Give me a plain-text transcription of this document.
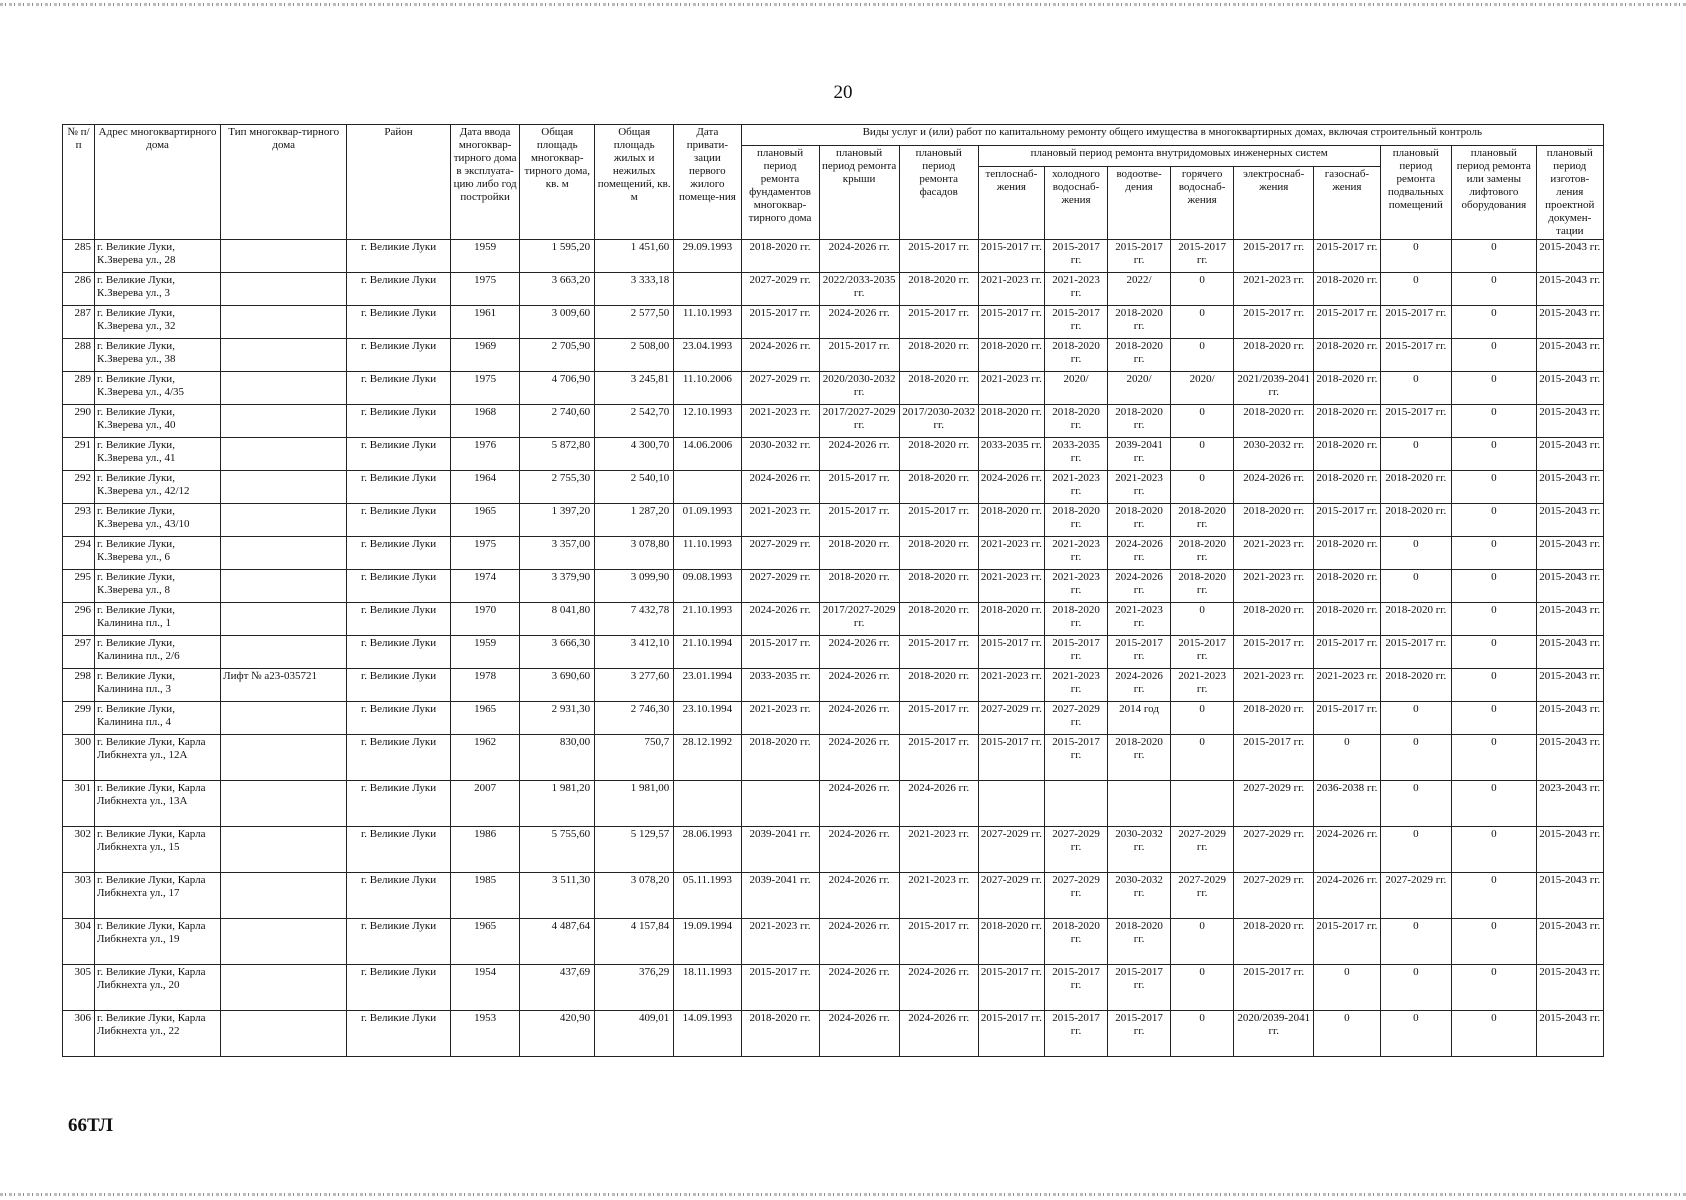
20
№ п/п	Адрес многоквартирного дома	Тип многоквар-тирного дома	Район	Дата ввода многоквар-тирного дома в эксплуата-цию либо год постройки	Общая площадь многоквар-тирного дома, кв. м	Общая площадь жилых и нежилых помещений, кв. м	Дата привати-зации первого жилого помеще-ния	Виды услуг и (или) работ по капитальному ремонту общего имущества в многоквартирных домах, включая строительный контроль											
								плановый период ремонта фундаментов многоквар-тирного дома	плановый период ремонта крыши	плановый период ремонта фасадов	плановый период ремонта внутридомовых инженерных систем						плановый период ремонта подвальных помещений	плановый период ремонта или замены лифтового оборудования	плановый период изготов-ления проектной докумен-тации
											теплоснаб-жения	холодного водоснаб-жения	водоотве-дения	горячего водоснаб-жения	электроснаб-жения	газоснаб-жения			
285	г. Великие Луки, К.Зверева ул., 28		г. Великие Луки	1959	1 595,20	1 451,60	29.09.1993	2018-2020 гг.	2024-2026 гг.	2015-2017 гг.	2015-2017 гг.	2015-2017 гг.	2015-2017 гг.	2015-2017 гг.	2015-2017 гг.	2015-2017 гг.	0	0	2015-2043 гг.
286	г. Великие Луки, К.Зверева ул., 3		г. Великие Луки	1975	3 663,20	3 333,18		2027-2029 гг.	2022/2033-2035 гг.	2018-2020 гг.	2021-2023 гг.	2021-2023 гг.	2022/	0	2021-2023 гг.	2018-2020 гг.	0	0	2015-2043 гг.
287	г. Великие Луки, К.Зверева ул., 32		г. Великие Луки	1961	3 009,60	2 577,50	11.10.1993	2015-2017 гг.	2024-2026 гг.	2015-2017 гг.	2015-2017 гг.	2015-2017 гг.	2018-2020 гг.	0	2015-2017 гг.	2015-2017 гг.	2015-2017 гг.	0	2015-2043 гг.
288	г. Великие Луки, К.Зверева ул., 38		г. Великие Луки	1969	2 705,90	2 508,00	23.04.1993	2024-2026 гг.	2015-2017 гг.	2018-2020 гг.	2018-2020 гг.	2018-2020 гг.	2018-2020 гг.	0	2018-2020 гг.	2018-2020 гг.	2015-2017 гг.	0	2015-2043 гг.
289	г. Великие Луки, К.Зверева ул., 4/35		г. Великие Луки	1975	4 706,90	3 245,81	11.10.2006	2027-2029 гг.	2020/2030-2032 гг.	2018-2020 гг.	2021-2023 гг.	2020/	2020/	2020/	2021/2039-2041 гг.	2018-2020 гг.	0	0	2015-2043 гг.
290	г. Великие Луки, К.Зверева ул., 40		г. Великие Луки	1968	2 740,60	2 542,70	12.10.1993	2021-2023 гг.	2017/2027-2029 гг.	2017/2030-2032 гг.	2018-2020 гг.	2018-2020 гг.	2018-2020 гг.	0	2018-2020 гг.	2018-2020 гг.	2015-2017 гг.	0	2015-2043 гг.
291	г. Великие Луки, К.Зверева ул., 41		г. Великие Луки	1976	5 872,80	4 300,70	14.06.2006	2030-2032 гг.	2024-2026 гг.	2018-2020 гг.	2033-2035 гг.	2033-2035 гг.	2039-2041 гг.	0	2030-2032 гг.	2018-2020 гг.	0	0	2015-2043 гг.
292	г. Великие Луки, К.Зверева ул., 42/12		г. Великие Луки	1964	2 755,30	2 540,10		2024-2026 гг.	2015-2017 гг.	2018-2020 гг.	2024-2026 гг.	2021-2023 гг.	2021-2023 гг.	0	2024-2026 гг.	2018-2020 гг.	2018-2020 гг.	0	2015-2043 гг.
293	г. Великие Луки, К.Зверева ул., 43/10		г. Великие Луки	1965	1 397,20	1 287,20	01.09.1993	2021-2023 гг.	2015-2017 гг.	2015-2017 гг.	2018-2020 гг.	2018-2020 гг.	2018-2020 гг.	2018-2020 гг.	2018-2020 гг.	2015-2017 гг.	2018-2020 гг.	0	2015-2043 гг.
294	г. Великие Луки, К.Зверева ул., 6		г. Великие Луки	1975	3 357,00	3 078,80	11.10.1993	2027-2029 гг.	2018-2020 гг.	2018-2020 гг.	2021-2023 гг.	2021-2023 гг.	2024-2026 гг.	2018-2020 гг.	2021-2023 гг.	2018-2020 гг.	0	0	2015-2043 гг.
295	г. Великие Луки, К.Зверева ул., 8		г. Великие Луки	1974	3 379,90	3 099,90	09.08.1993	2027-2029 гг.	2018-2020 гг.	2018-2020 гг.	2021-2023 гг.	2021-2023 гг.	2024-2026 гг.	2018-2020 гг.	2021-2023 гг.	2018-2020 гг.	0	0	2015-2043 гг.
296	г. Великие Луки, Калинина пл., 1		г. Великие Луки	1970	8 041,80	7 432,78	21.10.1993	2024-2026 гг.	2017/2027-2029 гг.	2018-2020 гг.	2018-2020 гг.	2018-2020 гг.	2021-2023 гг.	0	2018-2020 гг.	2018-2020 гг.	2018-2020 гг.	0	2015-2043 гг.
297	г. Великие Луки, Калинина пл., 2/6		г. Великие Луки	1959	3 666,30	3 412,10	21.10.1994	2015-2017 гг.	2024-2026 гг.	2015-2017 гг.	2015-2017 гг.	2015-2017 гг.	2015-2017 гг.	2015-2017 гг.	2015-2017 гг.	2015-2017 гг.	2015-2017 гг.	0	2015-2043 гг.
298	г. Великие Луки, Калинина пл., 3	Лифт № а23-035721	г. Великие Луки	1978	3 690,60	3 277,60	23.01.1994	2033-2035 гг.	2024-2026 гг.	2018-2020 гг.	2021-2023 гг.	2021-2023 гг.	2024-2026 гг.	2021-2023 гг.	2021-2023 гг.	2021-2023 гг.	2018-2020 гг.	0	2015-2043 гг.
299	г. Великие Луки, Калинина пл., 4		г. Великие Луки	1965	2 931,30	2 746,30	23.10.1994	2021-2023 гг.	2024-2026 гг.	2015-2017 гг.	2027-2029 гг.	2027-2029 гг.	2014 год	0	2018-2020 гг.	2015-2017 гг.	0	0	2015-2043 гг.
300	г. Великие Луки, Карла Либкнехта ул., 12А		г. Великие Луки	1962	830,00	750,7	28.12.1992	2018-2020 гг.	2024-2026 гг.	2015-2017 гг.	2015-2017 гг.	2015-2017 гг.	2018-2020 гг.	0	2015-2017 гг.	0	0	0	2015-2043 гг.
301	г. Великие Луки, Карла Либкнехта ул., 13А		г. Великие Луки	2007	1 981,20	1 981,00			2024-2026 гг.	2024-2026 гг.					2027-2029 гг.	2036-2038 гг.	0	0	2023-2043 гг.
302	г. Великие Луки, Карла Либкнехта ул., 15		г. Великие Луки	1986	5 755,60	5 129,57	28.06.1993	2039-2041 гг.	2024-2026 гг.	2021-2023 гг.	2027-2029 гг.	2027-2029 гг.	2030-2032 гг.	2027-2029 гг.	2027-2029 гг.	2024-2026 гг.	0	0	2015-2043 гг.
303	г. Великие Луки, Карла Либкнехта ул., 17		г. Великие Луки	1985	3 511,30	3 078,20	05.11.1993	2039-2041 гг.	2024-2026 гг.	2021-2023 гг.	2027-2029 гг.	2027-2029 гг.	2030-2032 гг.	2027-2029 гг.	2027-2029 гг.	2024-2026 гг.	2027-2029 гг.	0	2015-2043 гг.
304	г. Великие Луки, Карла Либкнехта ул., 19		г. Великие Луки	1965	4 487,64	4 157,84	19.09.1994	2021-2023 гг.	2024-2026 гг.	2015-2017 гг.	2018-2020 гг.	2018-2020 гг.	2018-2020 гг.	0	2018-2020 гг.	2015-2017 гг.	0	0	2015-2043 гг.
305	г. Великие Луки, Карла Либкнехта ул., 20		г. Великие Луки	1954	437,69	376,29	18.11.1993	2015-2017 гг.	2024-2026 гг.	2024-2026 гг.	2015-2017 гг.	2015-2017 гг.	2015-2017 гг.	0	2015-2017 гг.	0	0	0	2015-2043 гг.
306	г. Великие Луки, Карла Либкнехта ул., 22		г. Великие Луки	1953	420,90	409,01	14.09.1993	2018-2020 гг.	2024-2026 гг.	2024-2026 гг.	2015-2017 гг.	2015-2017 гг.	2015-2017 гг.	0	2020/2039-2041 гг.	0	0	0	2015-2043 гг.
66ТЛ
